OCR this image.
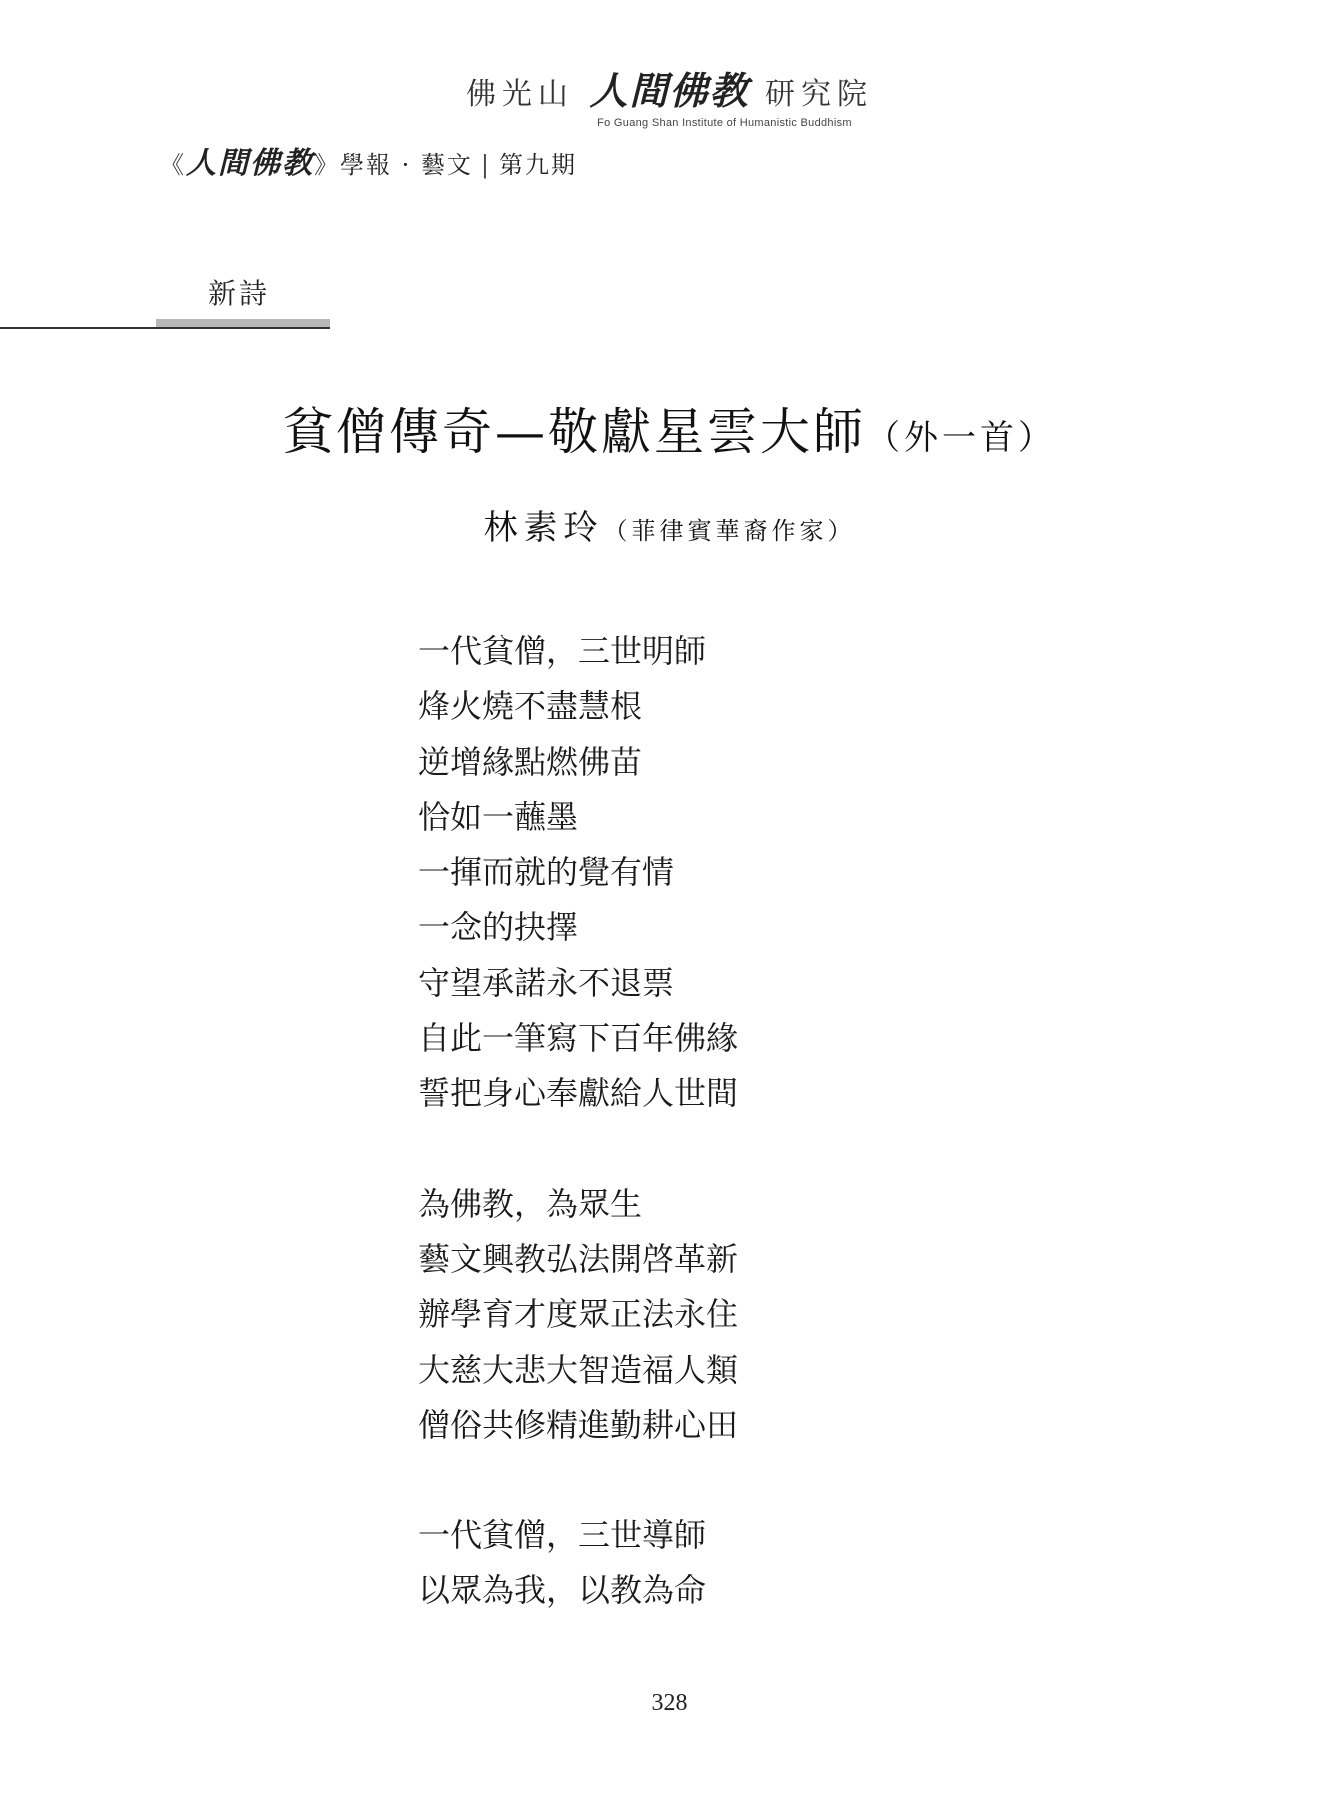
佛光山 人間佛教 研究院
Fo Guang Shan Institute of Humanistic Buddhism
《人間佛教》學報 · 藝文 | 第九期
新詩
貧僧傳奇—敬獻星雲大師（外一首）
林素玲（菲律賓華裔作家）
一代貧僧，三世明師
烽火燒不盡慧根
逆增緣點燃佛苗
恰如一蘸墨
一揮而就的覺有情
一念的抉擇
守望承諾永不退票
自此一筆寫下百年佛緣
誓把身心奉獻給人世間
為佛教，為眾生
藝文興教弘法開啓革新
辦學育才度眾正法永住
大慈大悲大智造福人類
僧俗共修精進勤耕心田
一代貧僧，三世導師
以眾為我，以教為命
328
